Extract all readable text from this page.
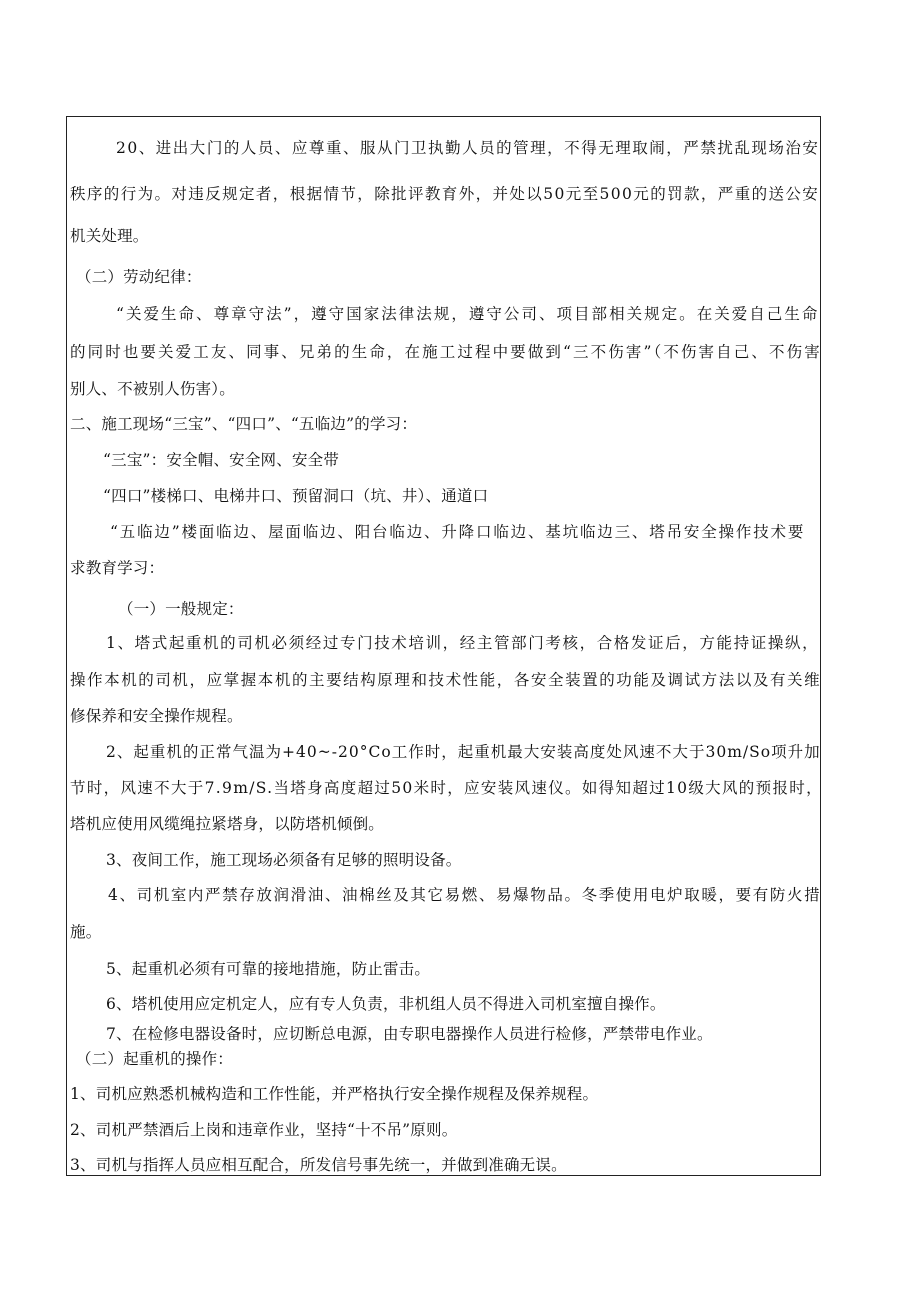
20、进出大门的人员、应尊重、服从门卫执勤人员的管理，不得无理取闹，严禁扰乱现场治安
秩序的行为。对违反规定者，根据情节，除批评教育外，并处以50元至500元的罚款，严重的送公安
机关处理。
（二）劳动纪律：
“关爱生命、尊章守法”，遵守国家法律法规，遵守公司、项目部相关规定。在关爱自己生命
的同时也要关爱工友、同事、兄弟的生命，在施工过程中要做到“三不伤害”（不伤害自己、不伤害
别人、不被别人伤害）。
二、施工现场“三宝”、“四口”、“五临边”的学习：
“三宝”：安全帽、安全网、安全带
“四口”楼梯口、电梯井口、预留洞口（坑、井）、通道口
“五临边”楼面临边、屋面临边、阳台临边、升降口临边、基坑临边三、塔吊安全操作技术要
求教育学习：
（一）一般规定：
1、塔式起重机的司机必须经过专门技术培训，经主管部门考核，合格发证后，方能持证操纵，
操作本机的司机，应掌握本机的主要结构原理和技术性能，各安全装置的功能及调试方法以及有关维
修保养和安全操作规程。
2、起重机的正常气温为+40~-20°Co工作时，起重机最大安装高度处风速不大于30m/So项升加
节时，风速不大于7.9m/S.当塔身高度超过50米时，应安装风速仪。如得知超过10级大风的预报时，
塔机应使用风缆绳拉紧塔身，以防塔机倾倒。
3、夜间工作，施工现场必须备有足够的照明设备。
4、司机室内严禁存放润滑油、油棉丝及其它易燃、易爆物品。冬季使用电炉取暖，要有防火措
施。
5、起重机必须有可靠的接地措施，防止雷击。
6、塔机使用应定机定人，应有专人负责，非机组人员不得进入司机室擅自操作。
7、在检修电器设备时，应切断总电源，由专职电器操作人员进行检修，严禁带电作业。
（二）起重机的操作：
1、司机应熟悉机械构造和工作性能，并严格执行安全操作规程及保养规程。
2、司机严禁酒后上岗和违章作业，坚持“十不吊”原则。
3、司机与指挥人员应相互配合，所发信号事先统一，并做到准确无误。
